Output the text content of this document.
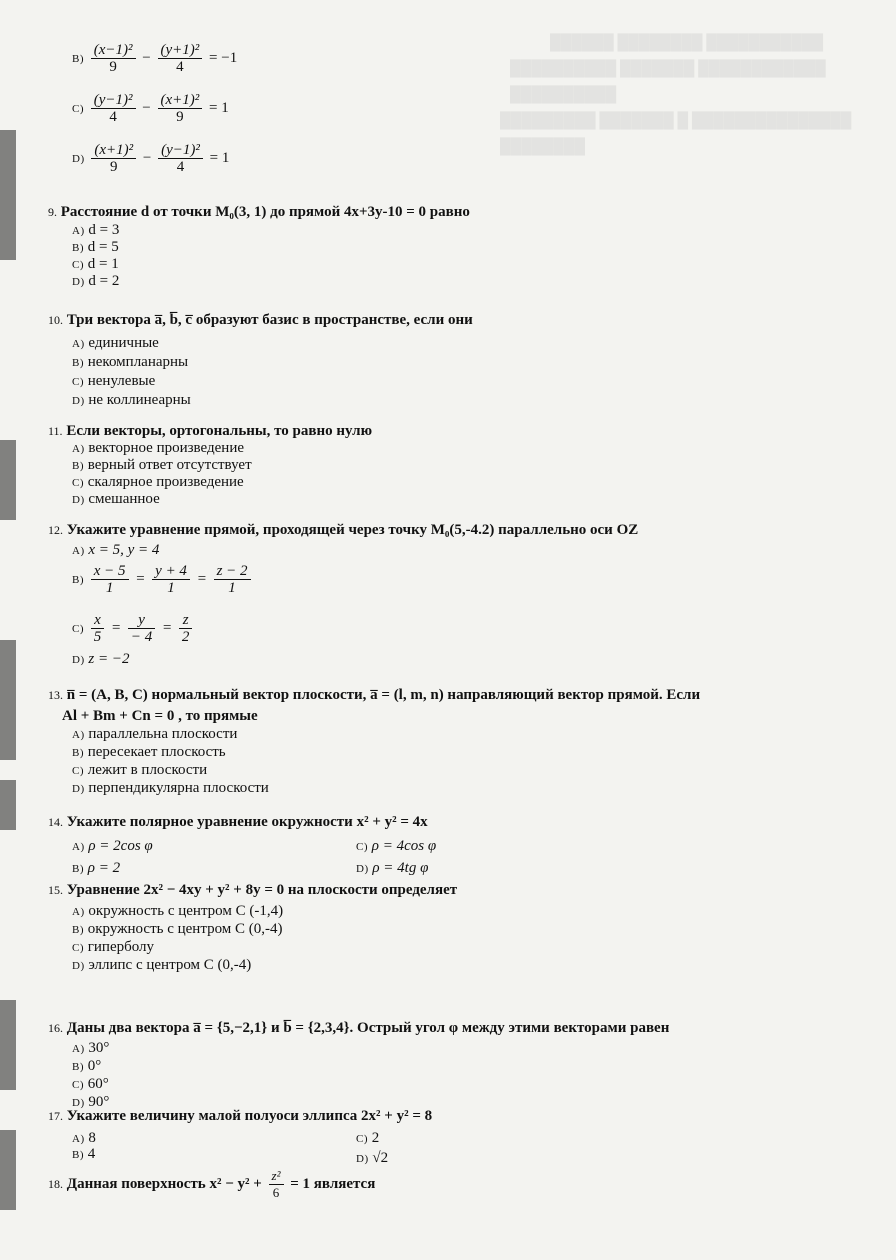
$B) \frac{\text{(x−1)²}}{9} - \frac{\text{(y+1)²}}{4} = -1$
$C) \frac{\text{(y−1)²}}{4} - \frac{\text{(x+1)²}}{9} = 1$
$D) \frac{\text{(x+1)²}}{9} - \frac{\text{(y−1)²}}{4} = 1$
9. Расстояние d от точки M₀(3, 1) до прямой 4x+3y-10 = 0 равно
A) d = 3
B) d = 5
C) d = 1
D) d = 2
10. Три вектора a̅, b̅, c̅ образуют базис в пространстве, если они
A) единичные
B) некомпланарны
C) ненулевые
D) не коллинеарны
11. Если векторы, ортогональны, то равно нулю
A) векторное произведение
B) верный ответ отсутствует
C) скалярное произведение
D) смешанное
12. Укажите уравнение прямой, проходящей через точку M₀(5,-4.2) параллельно оси OZ
A) x = 5, y = 4
$B) \frac{x - 5}{1} = \frac{y + 4}{1} = \frac{z - 2}{1}$
$C) \frac{x}{5} = \frac{y}{- 4} = \frac{z}{2}$
D) z = −2
13. n̅ = (A, B, C) нормальный вектор плоскости, a̅ = (l, m, n) направляющий вектор прямой. Если
Al + Bm + Cn = 0 , то прямые
A) параллельна плоскости
B) пересекает плоскость
C) лежит в плоскости
D) перпендикулярна плоскости
14. Укажите полярное уравнение окружности x² + y² = 4x
A) ρ = 2cos φ
B) ρ = 2
C) ρ = 4cos φ
D) ρ = 4tg φ
15. Уравнение 2x² − 4xy + y² + 8y = 0 на плоскости определяет
A) окружность с центром С (-1,4)
B) окружность с центром С (0,-4)
C) гиперболу
D) эллипс с центром С (0,-4)
16. Даны два вектора a̅ = {5,−2,1} и b̅ = {2,3,4}. Острый угол φ между этими векторами равен
A) 30°
B) 0°
C) 60°
D) 90°
17. Укажите величину малой полуоси эллипса 2x² + y² = 8
A) 8
B) 4
C) 2
D) √2
18. Данная поверхность $x^2 - y^2 + \frac{\text{z²}}{6} = 1$ является
